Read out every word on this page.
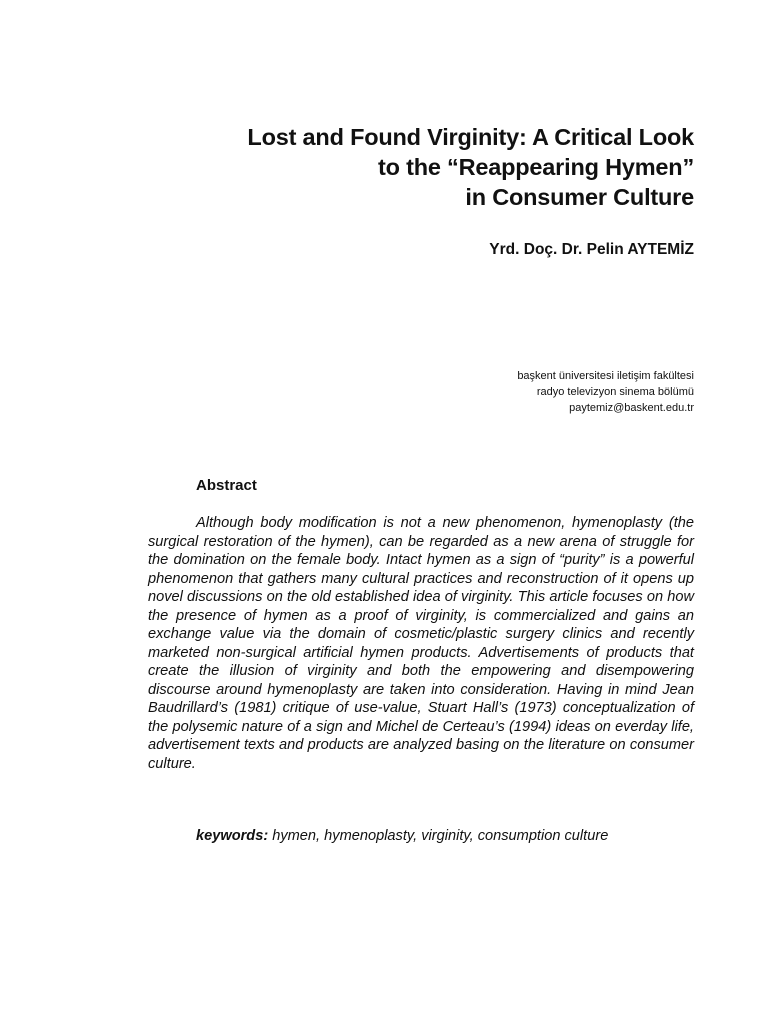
Lost and Found Virginity: A Critical Look
to the “Reappearing Hymen”
in Consumer Culture
Yrd. Doç. Dr. Pelin AYTEMİZ
başkent üniversitesi iletişim fakültesi
radyo televizyon sinema bölümü
paytemiz@baskent.edu.tr
Abstract

Although body modification is not a new phenomenon, hymenoplasty (the surgical restoration of the hymen), can be regarded as a new arena of struggle for the domination on the female body. Intact hymen as a sign of “purity” is a powerful phenomenon that gathers many cultural practices and reconstruction of it opens up novel discussions on the old established idea of virginity. This article focuses on how the presence of hymen as a proof of virginity, is commercialized and gains an exchange value via the domain of cosmetic/plastic surgery clinics and recently marketed non-surgical artificial hymen products. Advertisements of products that create the illusion of virginity and both the empowering and disempowering discourse around hymenoplasty are taken into consideration. Having in mind Jean Baudrillard’s (1981) critique of use-value, Stuart Hall’s (1973) conceptualization of the polysemic nature of a sign and Michel de Certeau’s (1994) ideas on everday life, advertisement texts and products are analyzed basing on the literature on consumer culture.

keywords: hymen, hymenoplasty, virginity, consumption culture
